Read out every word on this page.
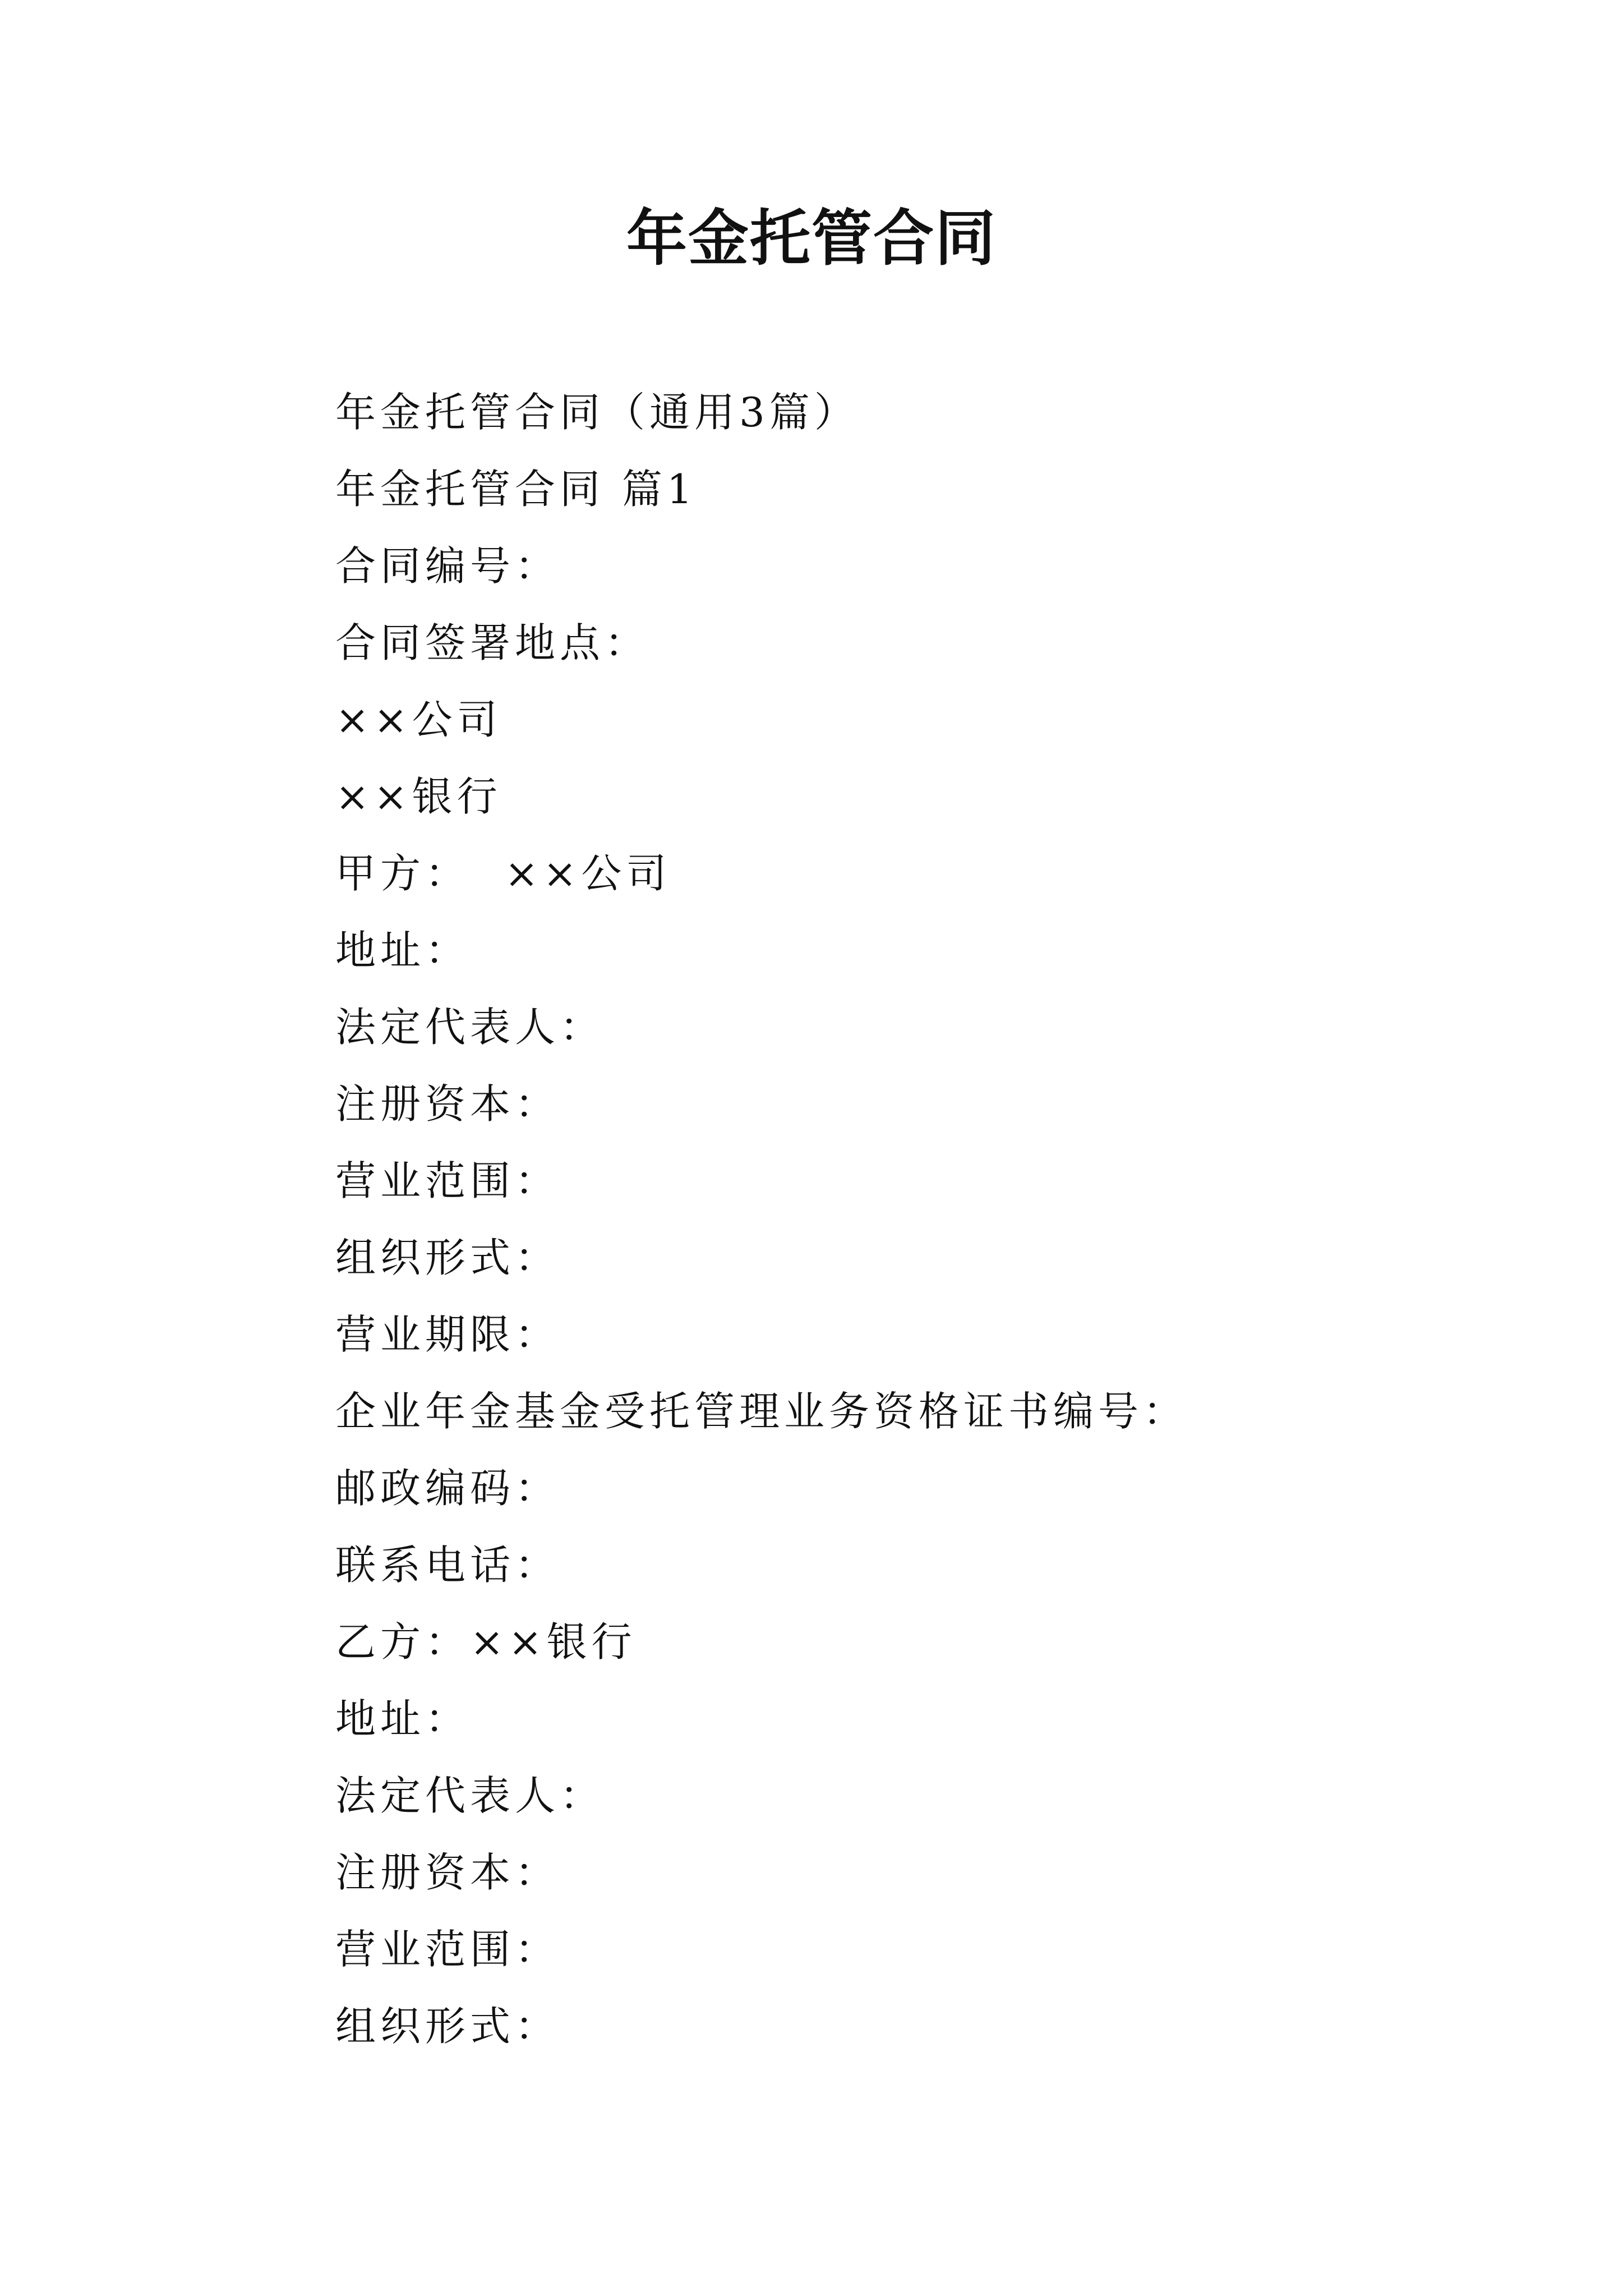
年金托管合同
年金托管合同（通用3篇）
年金托管合同 篇1
合同编号：
合同签署地点：
××公司
××银行
甲方：  ××公司
地址：
法定代表人：
注册资本：
营业范围：
组织形式：
营业期限：
企业年金基金受托管理业务资格证书编号：
邮政编码：
联系电话：
乙方：××银行
地址：
法定代表人：
注册资本：
营业范围：
组织形式：
